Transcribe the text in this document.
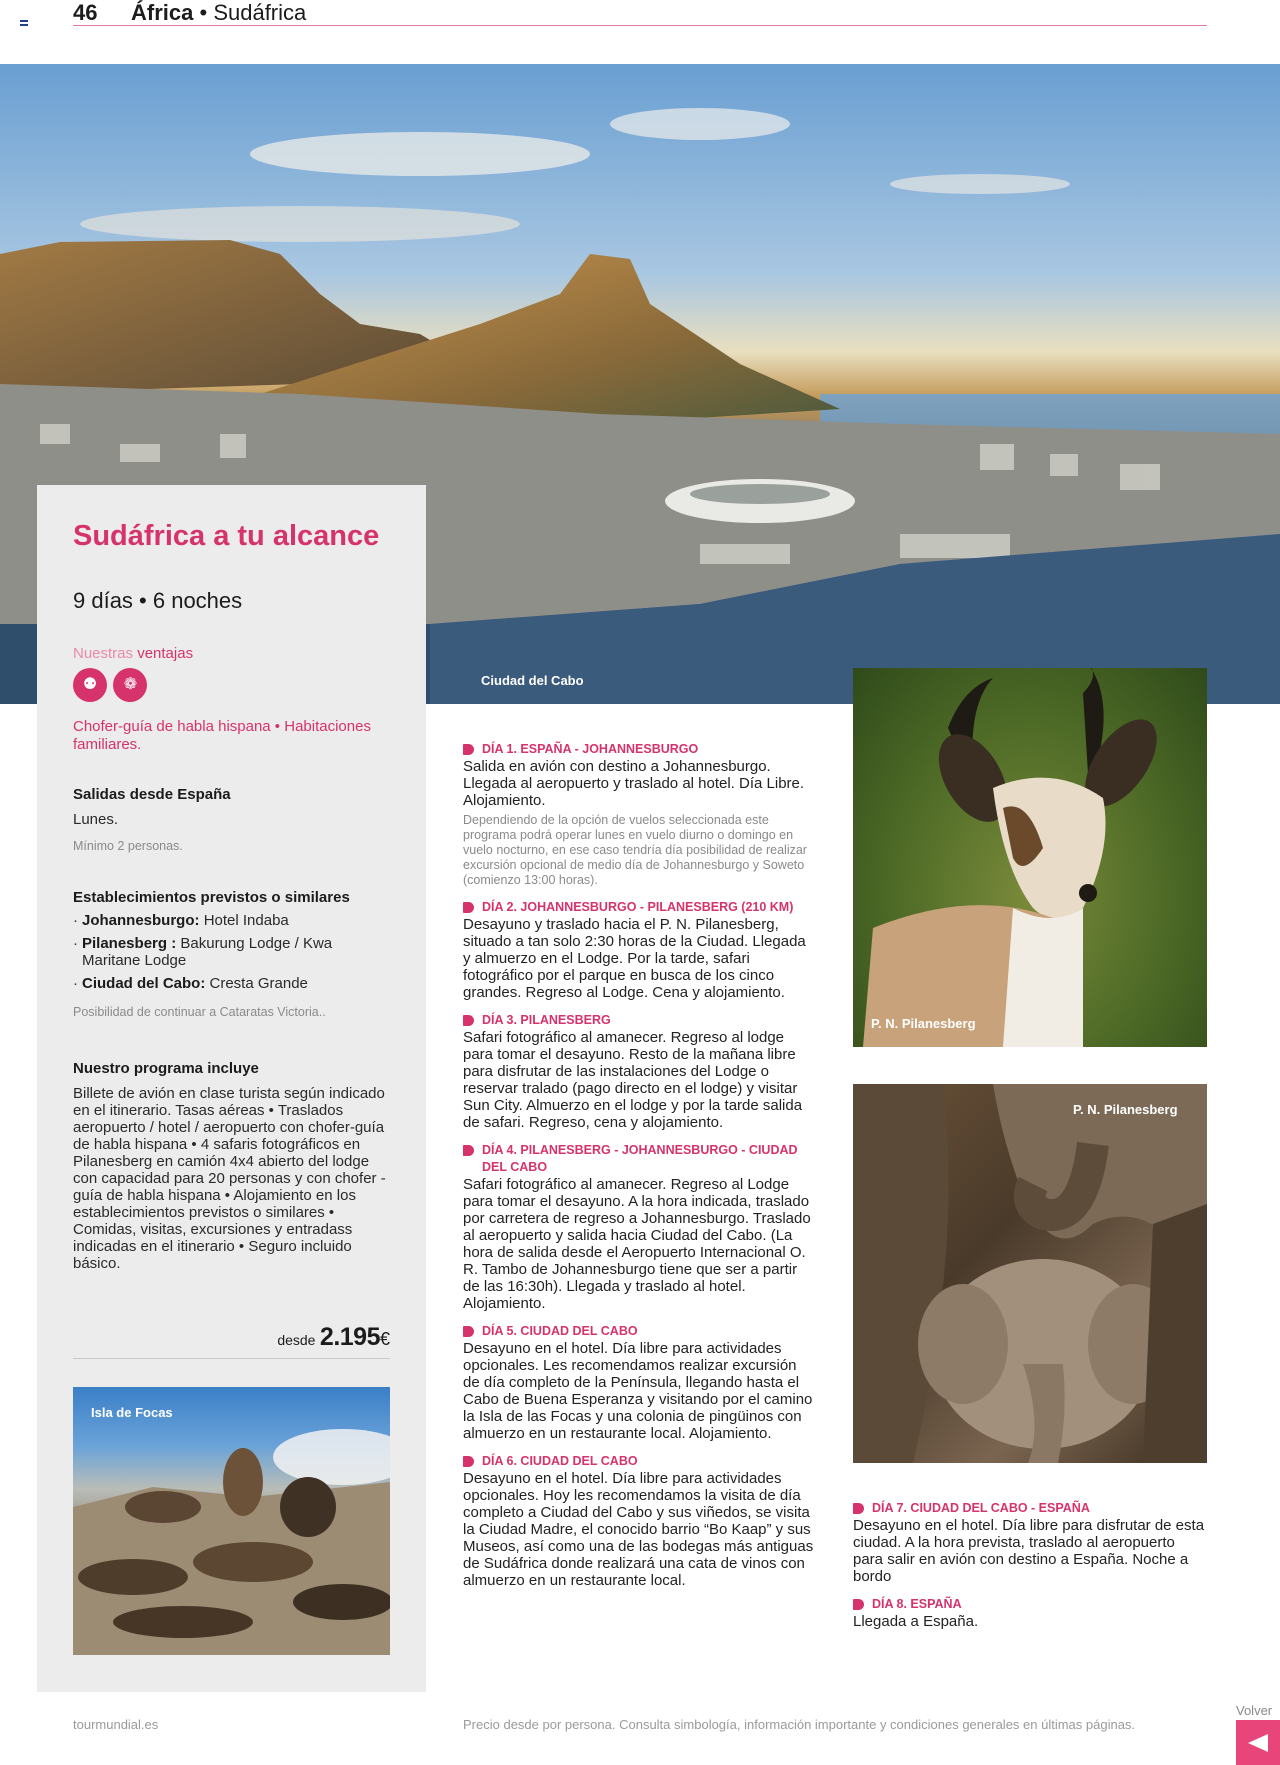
46 África • Sudáfrica
Ciudad del Cabo
Sudáfrica a tu alcance
9 días • 6 noches
Nuestras ventajas
⚉ ❁
Chofer-guía de habla hispana • Habitaciones familiares.
Salidas desde España
Lunes.
Mínimo 2 personas.
Establecimientos previstos o similares
· Johannesburgo: Hotel Indaba
· Pilanesberg : Bakurung Lodge / Kwa Maritane Lodge
· Ciudad del Cabo: Cresta Grande
Posibilidad de continuar a Cataratas Victoria..
Nuestro programa incluye
Billete de avión en clase turista según indicado en el itinerario. Tasas aéreas • Traslados aeropuerto / hotel / aeropuerto con chofer-guía de habla hispana • 4 safaris fotográficos en Pilanesberg en camión 4x4 abierto del lodge con capacidad para 20 personas y con chofer - guía de habla hispana • Alojamiento en los establecimientos previstos o similares • Comidas, visitas, excursiones y entradass indicadas en el itinerario • Seguro incluido básico.
desde 2.195€
Isla de Focas
DÍA 1. ESPAÑA - JOHANNESBURGO

Salida en avión con destino a Johannesburgo. Llegada al aeropuerto y traslado al hotel. Día Libre. Alojamiento.

Dependiendo de la opción de vuelos seleccionada este programa podrá operar lunes en vuelo diurno o domingo en vuelo nocturno, en ese caso tendría día posibilidad de realizar excursión opcional de medio día de Johannesburgo y Soweto (comienzo 13:00 horas).

DÍA 2. JOHANNESBURGO - PILANESBERG (210 KM)

Desayuno y traslado hacia el P. N. Pilanesberg, situado a tan solo 2:30 horas de la Ciudad. Llegada y almuerzo en el Lodge. Por la tarde, safari fotográfico por el parque en busca de los cinco grandes. Regreso al Lodge. Cena y alojamiento.

DÍA 3. PILANESBERG

Safari fotográfico al amanecer. Regreso al lodge para tomar el desayuno. Resto de la mañana libre para disfrutar de las instalaciones del Lodge o reservar tralado (pago directo en el lodge) y visitar Sun City. Almuerzo en el lodge y por la tarde salida de safari. Regreso, cena y alojamiento.

DÍA 4. PILANESBERG - JOHANNESBURGO - CIUDAD DEL CABO

Safari fotográfico al amanecer. Regreso al Lodge para tomar el desayuno. A la hora indicada, traslado por carretera de regreso a Johannesburgo. Traslado al aeropuerto y salida hacia Ciudad del Cabo. (La hora de salida desde el Aeropuerto Internacional O. R. Tambo de Johannesburgo tiene que ser a partir de las 16:30h). Llegada y traslado al hotel. Alojamiento.

DÍA 5. CIUDAD DEL CABO

Desayuno en el hotel. Día libre para actividades opcionales. Les recomendamos realizar excursión de día completo de la Península, llegando hasta el Cabo de Buena Esperanza y visitando por el camino la Isla de las Focas y una colonia de pingüinos con almuerzo en un restaurante local. Alojamiento.

DÍA 6. CIUDAD DEL CABO

Desayuno en el hotel. Día libre para actividades opcionales. Hoy les recomendamos la visita de día completo a Ciudad del Cabo y sus viñedos, se visita la Ciudad Madre, el conocido barrio “Bo Kaap” y sus Museos, así como una de las bodegas más antiguas de Sudáfrica donde realizará una cata de vinos con almuerzo en un restaurante local.

P. N. Pilanesberg
P. N. Pilanesberg
DÍA 7. CIUDAD DEL CABO - ESPAÑA

Desayuno en el hotel. Día libre para disfrutar de esta ciudad. A la hora prevista, traslado al aeropuerto para salir en avión con destino a España. Noche a bordo

DÍA 8. ESPAÑA

Llegada a España.

tourmundial.es	Precio desde por persona. Consulta simbología, información importante y condiciones generales en últimas páginas.
Volver
